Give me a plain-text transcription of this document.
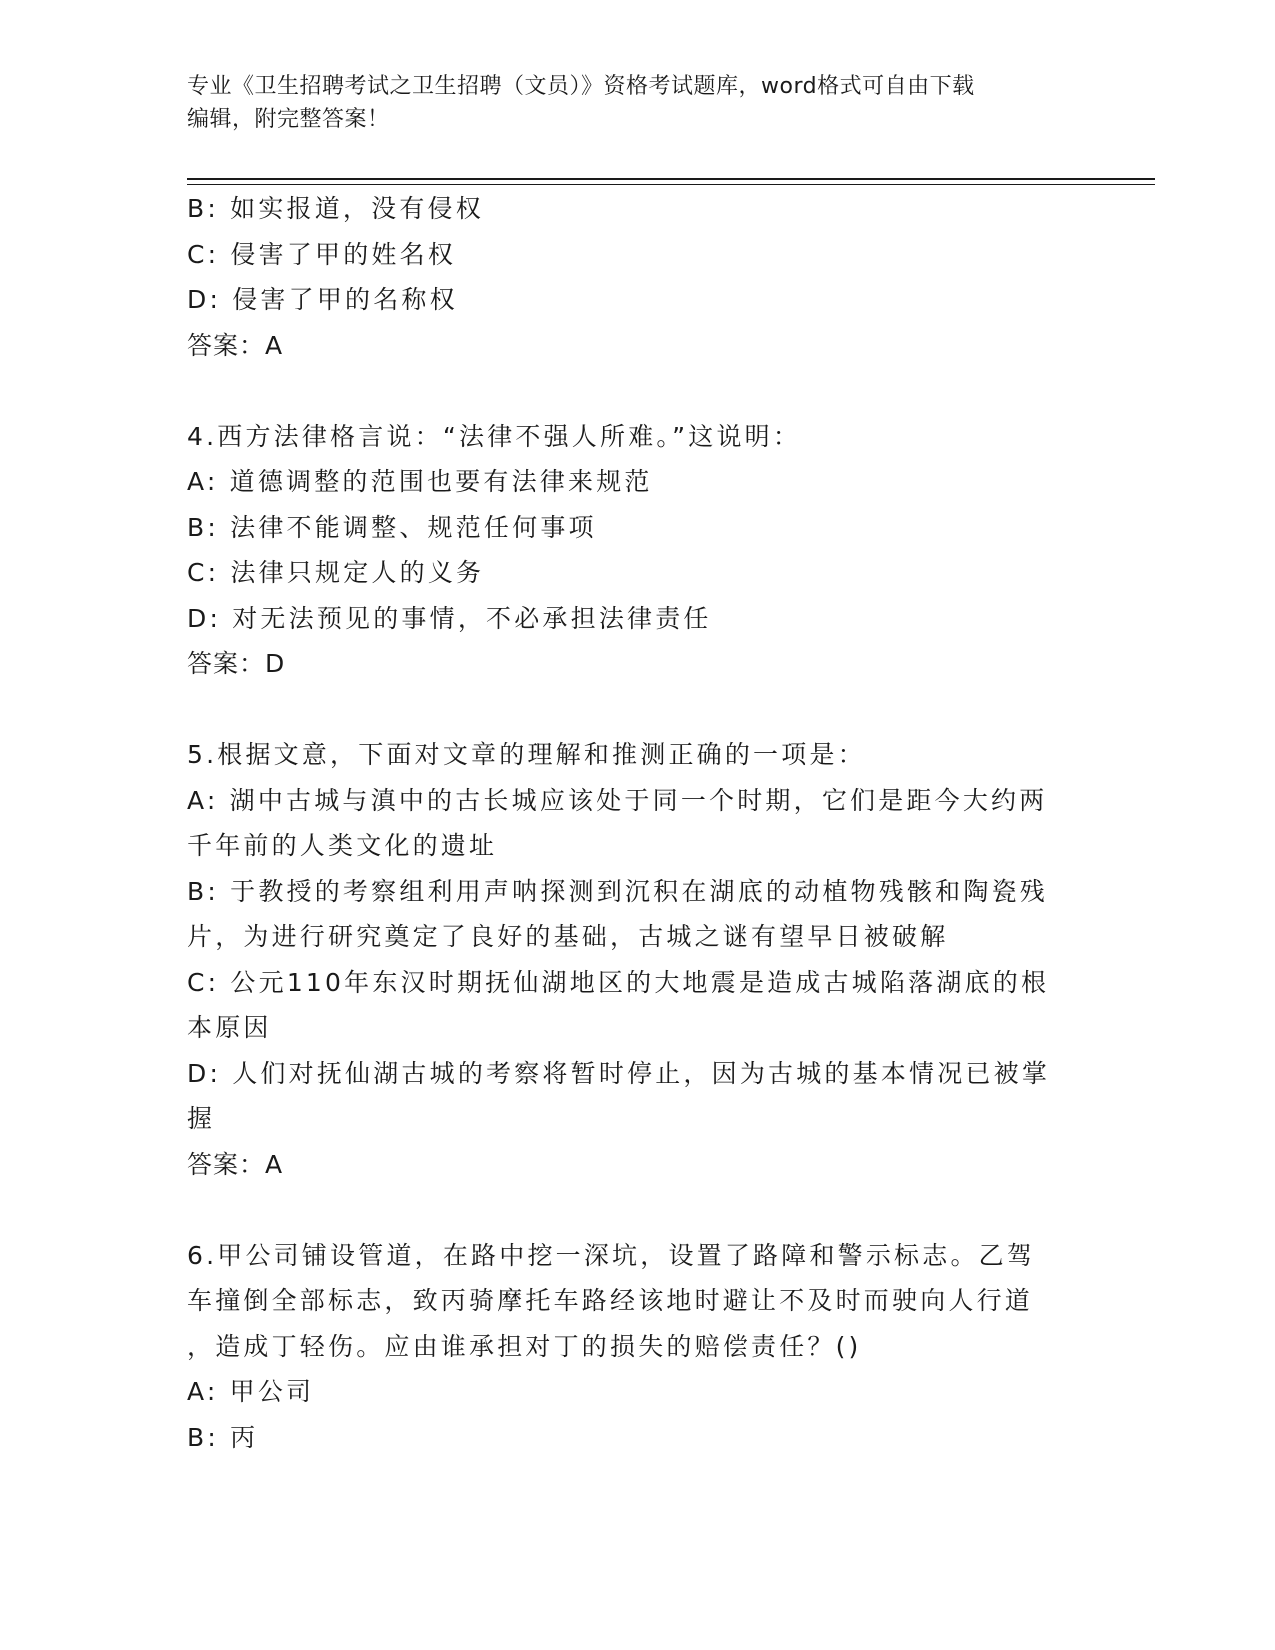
专业《卫生招聘考试之卫生招聘（文员）》资格考试题库，word格式可自由下载
编辑，附完整答案！
B: 如实报道，没有侵权
C: 侵害了甲的姓名权
D: 侵害了甲的名称权
答案：A
4.西方法律格言说：“法律不强人所难。”这说明：
A: 道德调整的范围也要有法律来规范
B: 法律不能调整、规范任何事项
C: 法律只规定人的义务
D: 对无法预见的事情，不必承担法律责任
答案：D
5.根据文意，下面对文章的理解和推测正确的一项是：
A: 湖中古城与滇中的古长城应该处于同一个时期，它们是距今大约两
千年前的人类文化的遗址
B: 于教授的考察组利用声呐探测到沉积在湖底的动植物残骸和陶瓷残
片，为进行研究奠定了良好的基础，古城之谜有望早日被破解
C: 公元110年东汉时期抚仙湖地区的大地震是造成古城陷落湖底的根
本原因
D: 人们对抚仙湖古城的考察将暂时停止，因为古城的基本情况已被掌
握
答案：A
6.甲公司铺设管道，在路中挖一深坑，设置了路障和警示标志。乙驾
车撞倒全部标志，致丙骑摩托车路经该地时避让不及时而驶向人行道
，造成丁轻伤。应由谁承担对丁的损失的赔偿责任？()
A: 甲公司
B: 丙
